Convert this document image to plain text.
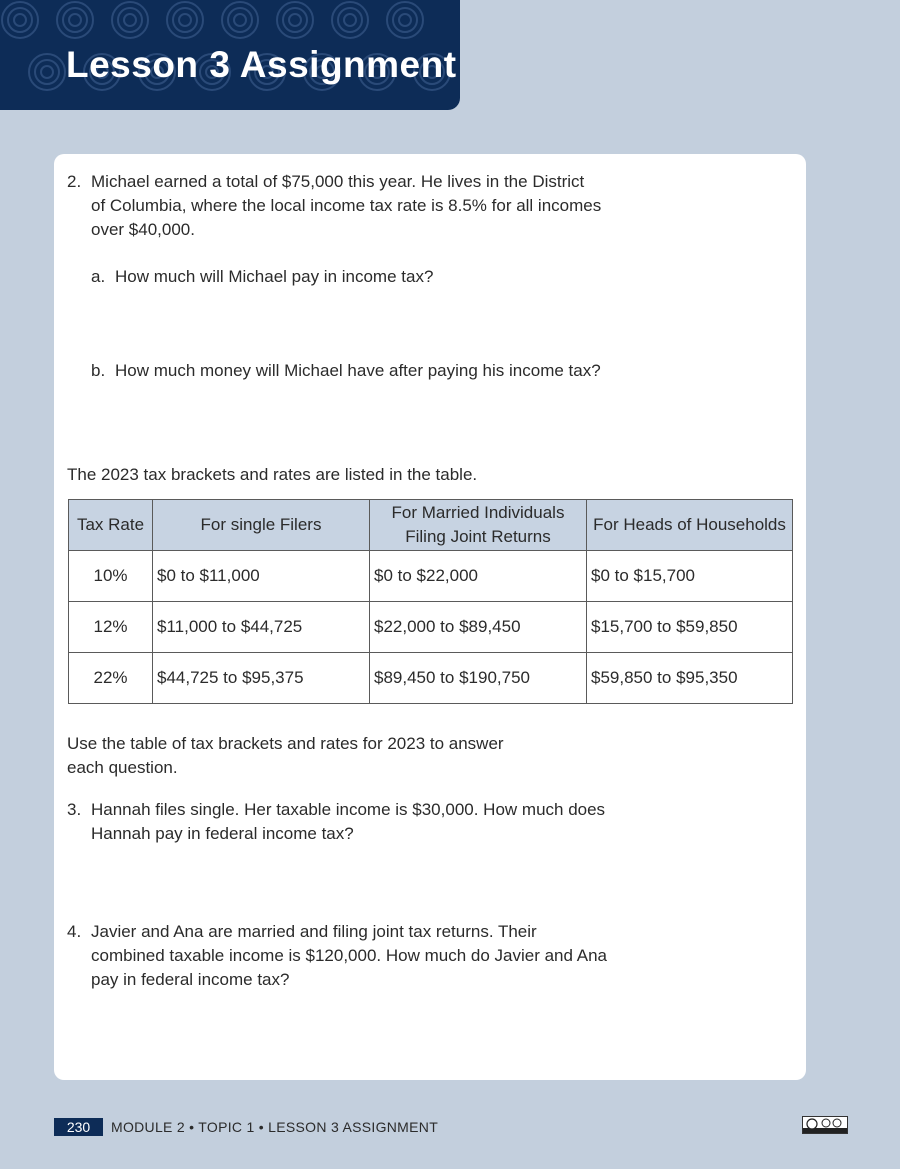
Lesson 3 Assignment
2. Michael earned a total of $75,000 this year. He lives in the District

of Columbia, where the local income tax rate is 8.5% for all incomes

over $40,000.

a. How much will Michael pay in income tax?

b. How much money will Michael have after paying his income tax?

The 2023 tax brackets and rates are listed in the table.

Tax Rate	For single Filers	For Married Individuals Filing Joint Returns	For Heads of Households
10%	$0 to $11,000	$0 to $22,000	$0 to $15,700
12%	$11,000 to $44,725	$22,000 to $89,450	$15,700 to $59,850
22%	$44,725 to $95,375	$89,450 to $190,750	$59,850 to $95,350

Use the table of tax brackets and rates for 2023 to answer

each question.

3. Hannah files single. Her taxable income is $30,000. How much does

Hannah pay in federal income tax?

4. Javier and Ana are married and filing joint tax returns. Their

combined taxable income is $120,000. How much do Javier and Ana

pay in federal income tax?

230	MODULE 2 • TOPIC 1 • LESSON 3 ASSIGNMENT
